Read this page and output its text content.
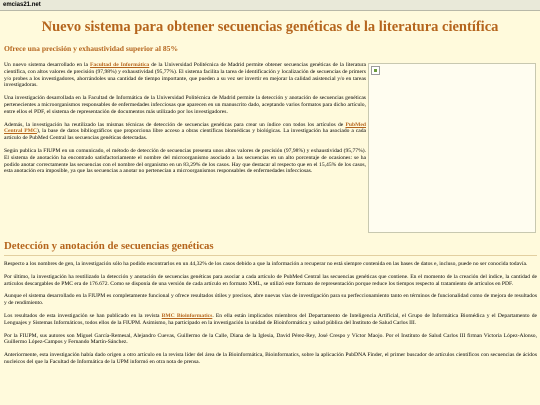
emcias21.net
Nuevo sistema para obtener secuencias genéticas de la literatura científica
Ofrece una precisión y exhaustividad superior al 85%

Un nuevo sistema desarrollado en la Facultad de Informática de la Universidad Politécnica de Madrid permite obtener secuencias genéticas de la literatura científica, con altos valores de precisión (97,98%) y exhaustividad (95,77%). El sistema facilita la tarea de identificación y localización de secuencias de primers y/o probes a los investigadores, ahorrándoles una cantidad de tiempo importante, que pueden a su vez ser invertir en mejorar la calidad asistencial y/o en tareas investigadoras.

Una investigación desarrollada en la Facultad de Informática de la Universidad Politécnica de Madrid permite la detección y anotación de secuencias genéticas pertenecientes a microorganismos responsables de enfermedades infecciosas que aparecen en un manuscrito dado, aceptando varios formatos para dicho artículo, entre ellos el PDF, el sistema de representación de documentos más utilizado por los investigadores.

Además, la investigación ha reutilizado las mismas técnicas de detección de secuencias genéticas para crear un índice con todos los artículos de PubMed Central PMC), la base de datos bibliográficos que proporciona libre acceso a obras científicas biomédicas y biológicas. La investigación ha asociado a cada artículo de PubMed Central las secuencias genéticas detectadas.

Según publica la FIUPM en un comunicado, el método de detección de secuencias presenta unos altos valores de precisión (97,98%) y exhaustividad (95,77%). El sistema de anotación ha encontrado satisfactoriamente el nombre del microorganismo asociado a las secuencias en un alto porcentaje de ocasiones: se ha podido anotar correctamente las secuencias con el nombre del organismo en un 83,29% de los casos. Hay que destacar al respecto que en el 15,45% de los casos, esta anotación era imposible, ya que las secuencias a anotar no pertenecían a microorganismos responsables de enfermedades infecciosas.

Detección y anotación de secuencias genéticas

Respecto a los nombres de gen, la investigación sólo ha podido encontrarlos en un 44,32% de los casos debido a que la información a recuperar no está siempre contenida en las bases de datos e, incluso, puede no ser conocida todavía.

Por último, la investigación ha reutilizado la detección y anotación de secuencias genéticas para asociar a cada artículo de PubMed Central las secuencias genéticas que contiene. En el momento de la creación del índice, la cantidad de artículos descargables de PMC era de 176.672. Como se disponía de una versión de cada artículo en formato XML, se utilizó este formato de representación porque reduce los tiempos respecto al tratamiento de artículos en PDF.

Aunque el sistema desarrollado en la FIUPM es completamente funcional y ofrece resultados útiles y precisos, abre nuevas vías de investigación para su perfeccionamiento tanto en términos de funcionalidad como de mejora de resultados y de rendimiento.

Los resultados de esta investigación se han publicado en la revista BMC Bioinformatics. En ella están implicados miembros del Departamento de Inteligencia Artificial, el Grupo de Informática Biomédica y el Departamento de Lenguajes y Sistemas Informáticos, todos ellos de la FIUPM. Asimismo, ha participado en la investigación la unidad de Bioinformática y salud pública del Instituto de Salud Carlos III.

Por la FIUPM, sus autores son Miguel García-Remesal, Alejandro Cuevas, Guillermo de la Calle, Diana de la Iglesia, David Pérez-Rey, José Crespo y Víctor Maojo. Por el Instituto de Salud Carlos III firman Victoria López-Alonso, Guillermo López-Campos y Fernando Martín-Sánchez.

Anteriormente, esta investigación había dado origen a otro artículo en la revista líder del área de la Bioinformática, Bioinformatics, sobre la aplicación PubDNA Finder, el primer buscador de artículos científicos con secuencias de ácidos nucleicos del que la Facultad de Informática de la UPM informó en otra nota de prensa.
